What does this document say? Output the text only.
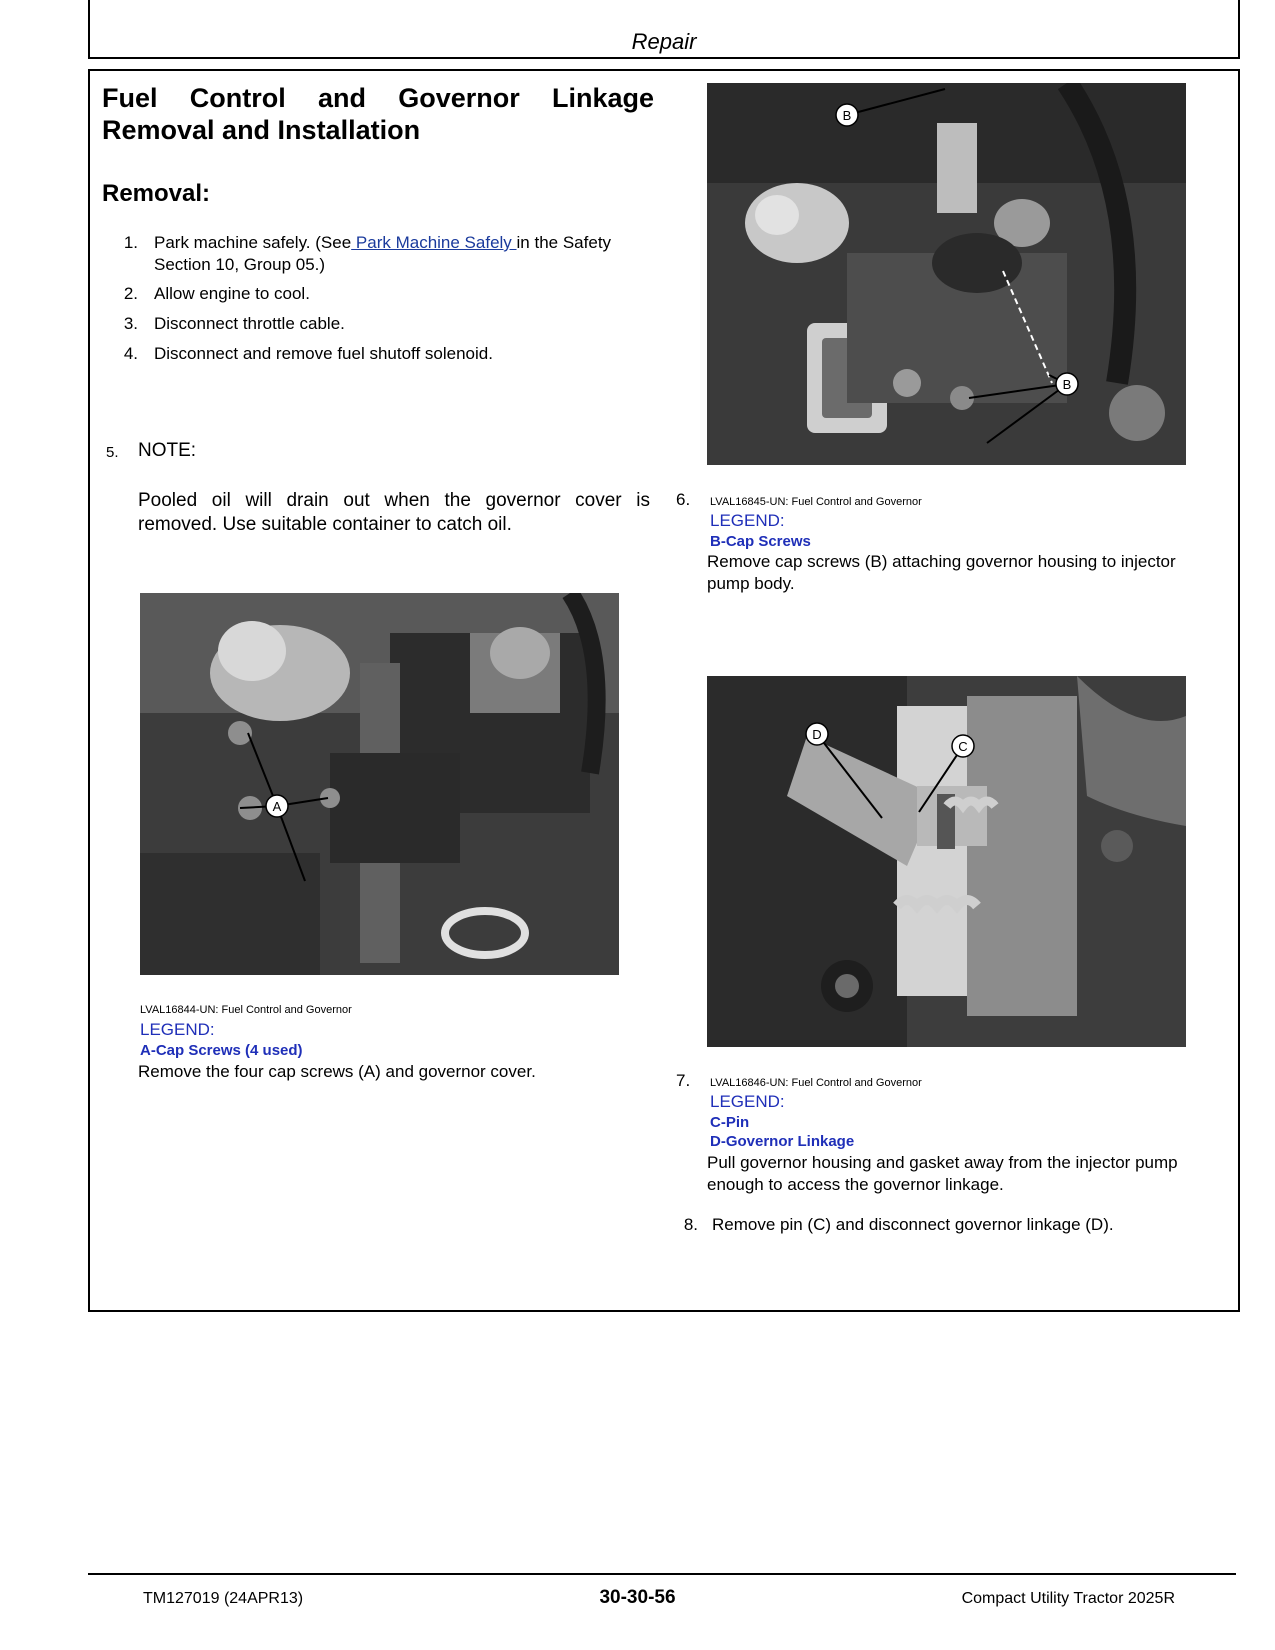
Repair
Fuel Control and Governor Linkage Removal and Installation
Removal:
1. Park machine safely. (See Park Machine Safely in the Safety
Section 10, Group 05.)
2. Allow engine to cool.
3. Disconnect throttle cable.
4. Disconnect and remove fuel shutoff solenoid.
5. NOTE:
Pooled oil will drain out when the governor cover is removed. Use suitable container to catch oil.
A
LVAL16844-UN: Fuel Control and Governor
LEGEND:
A-Cap Screws (4 used)
Remove the four cap screws (A) and governor cover.
B
B
6. LVAL16845-UN: Fuel Control and Governor
LEGEND:
B-Cap Screws
Remove cap screws (B) attaching governor housing to injector pump body.
D
C
7. LVAL16846-UN: Fuel Control and Governor
LEGEND:
C-Pin
D-Governor Linkage
Pull governor housing and gasket away from the injector pump enough to access the governor linkage.
8. Remove pin (C) and disconnect governor linkage (D).
TM127019 (24APR13)	30-30-56	Compact Utility Tractor 2025R
